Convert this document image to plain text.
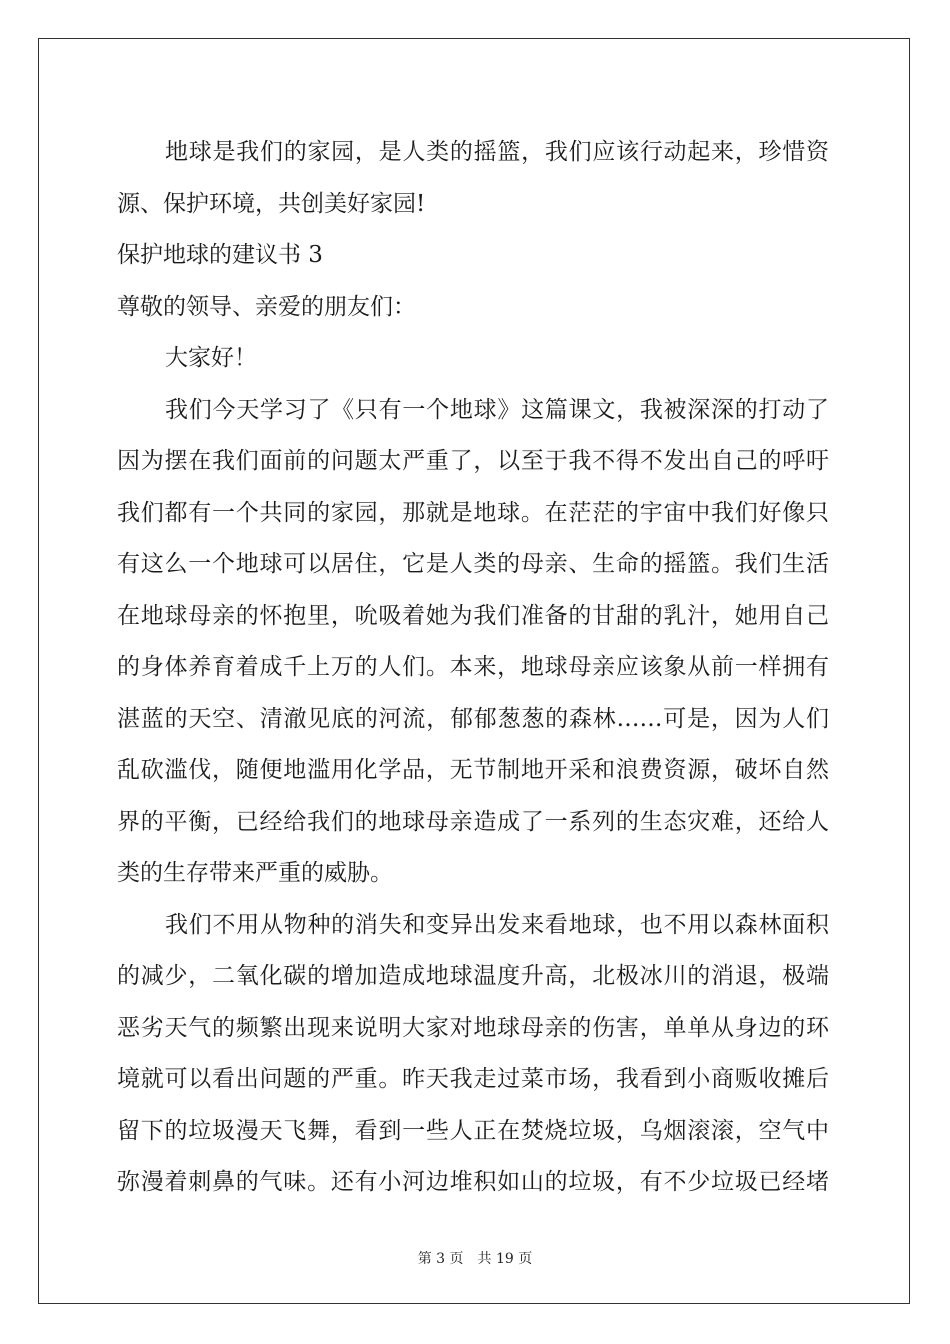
地球是我们的家园，是人类的摇篮，我们应该行动起来，珍惜资
源、保护环境，共创美好家园!
保护地球的建议书 3
尊敬的领导、亲爱的朋友们：
大家好！
我们今天学习了《只有一个地球》这篇课文，我被深深的打动了
因为摆在我们面前的问题太严重了，以至于我不得不发出自己的呼吁
我们都有一个共同的家园，那就是地球。在茫茫的宇宙中我们好像只
有这么一个地球可以居住，它是人类的母亲、生命的摇篮。我们生活
在地球母亲的怀抱里，吮吸着她为我们准备的甘甜的乳汁，她用自己
的身体养育着成千上万的人们。本来，地球母亲应该象从前一样拥有
湛蓝的天空、清澈见底的河流，郁郁葱葱的森林……可是，因为人们
乱砍滥伐，随便地滥用化学品，无节制地开采和浪费资源，破坏自然
界的平衡，已经给我们的地球母亲造成了一系列的生态灾难，还给人
类的生存带来严重的威胁。
我们不用从物种的消失和变异出发来看地球，也不用以森林面积
的减少，二氧化碳的增加造成地球温度升高，北极冰川的消退，极端
恶劣天气的频繁出现来说明大家对地球母亲的伤害，单单从身边的环
境就可以看出问题的严重。昨天我走过菜市场，我看到小商贩收摊后
留下的垃圾漫天飞舞，看到一些人正在焚烧垃圾，乌烟滚滚，空气中
弥漫着刺鼻的气味。还有小河边堆积如山的垃圾，有不少垃圾已经堵
第 3 页　共 19 页
